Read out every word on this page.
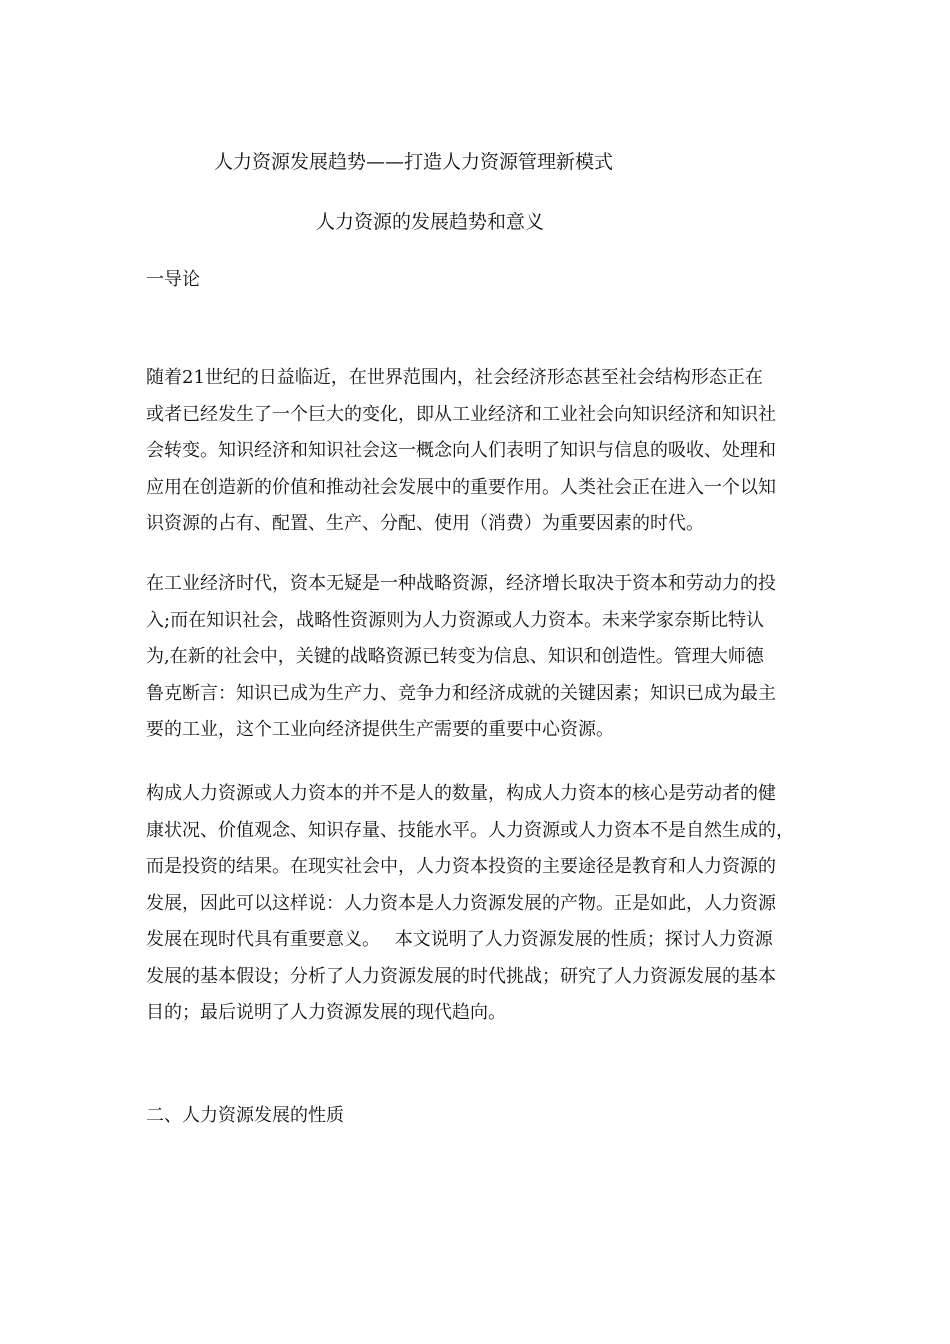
人力资源发展趋势——打造人力资源管理新模式
人力资源的发展趋势和意义
一导论
随着21世纪的日益临近，在世界范围内，社会经济形态甚至社会结构形态正在
或者已经发生了一个巨大的变化，即从工业经济和工业社会向知识经济和知识社
会转变。知识经济和知识社会这一概念向人们表明了知识与信息的吸收、处理和
应用在创造新的价值和推动社会发展中的重要作用。人类社会正在进入一个以知
识资源的占有、配置、生产、分配、使用（消费）为重要因素的时代。
在工业经济时代，资本无疑是一种战略资源，经济增长取决于资本和劳动力的投
入;而在知识社会，战略性资源则为人力资源或人力资本。未来学家奈斯比特认
为,在新的社会中，关键的战略资源已转变为信息、知识和创造性。管理大师德
鲁克断言：知识已成为生产力、竞争力和经济成就的关键因素；知识已成为最主
要的工业，这个工业向经济提供生产需要的重要中心资源。
构成人力资源或人力资本的并不是人的数量，构成人力资本的核心是劳动者的健
康状况、价值观念、知识存量、技能水平。人力资源或人力资本不是自然生成的，
而是投资的结果。在现实社会中，人力资本投资的主要途径是教育和人力资源的
发展，因此可以这样说：人力资本是人力资源发展的产物。正是如此，人力资源
发展在现时代具有重要意义。　 本文说明了人力资源发展的性质；探讨人力资源
发展的基本假设；分析了人力资源发展的时代挑战；研究了人力资源发展的基本
目的；最后说明了人力资源发展的现代趋向。
二、人力资源发展的性质
